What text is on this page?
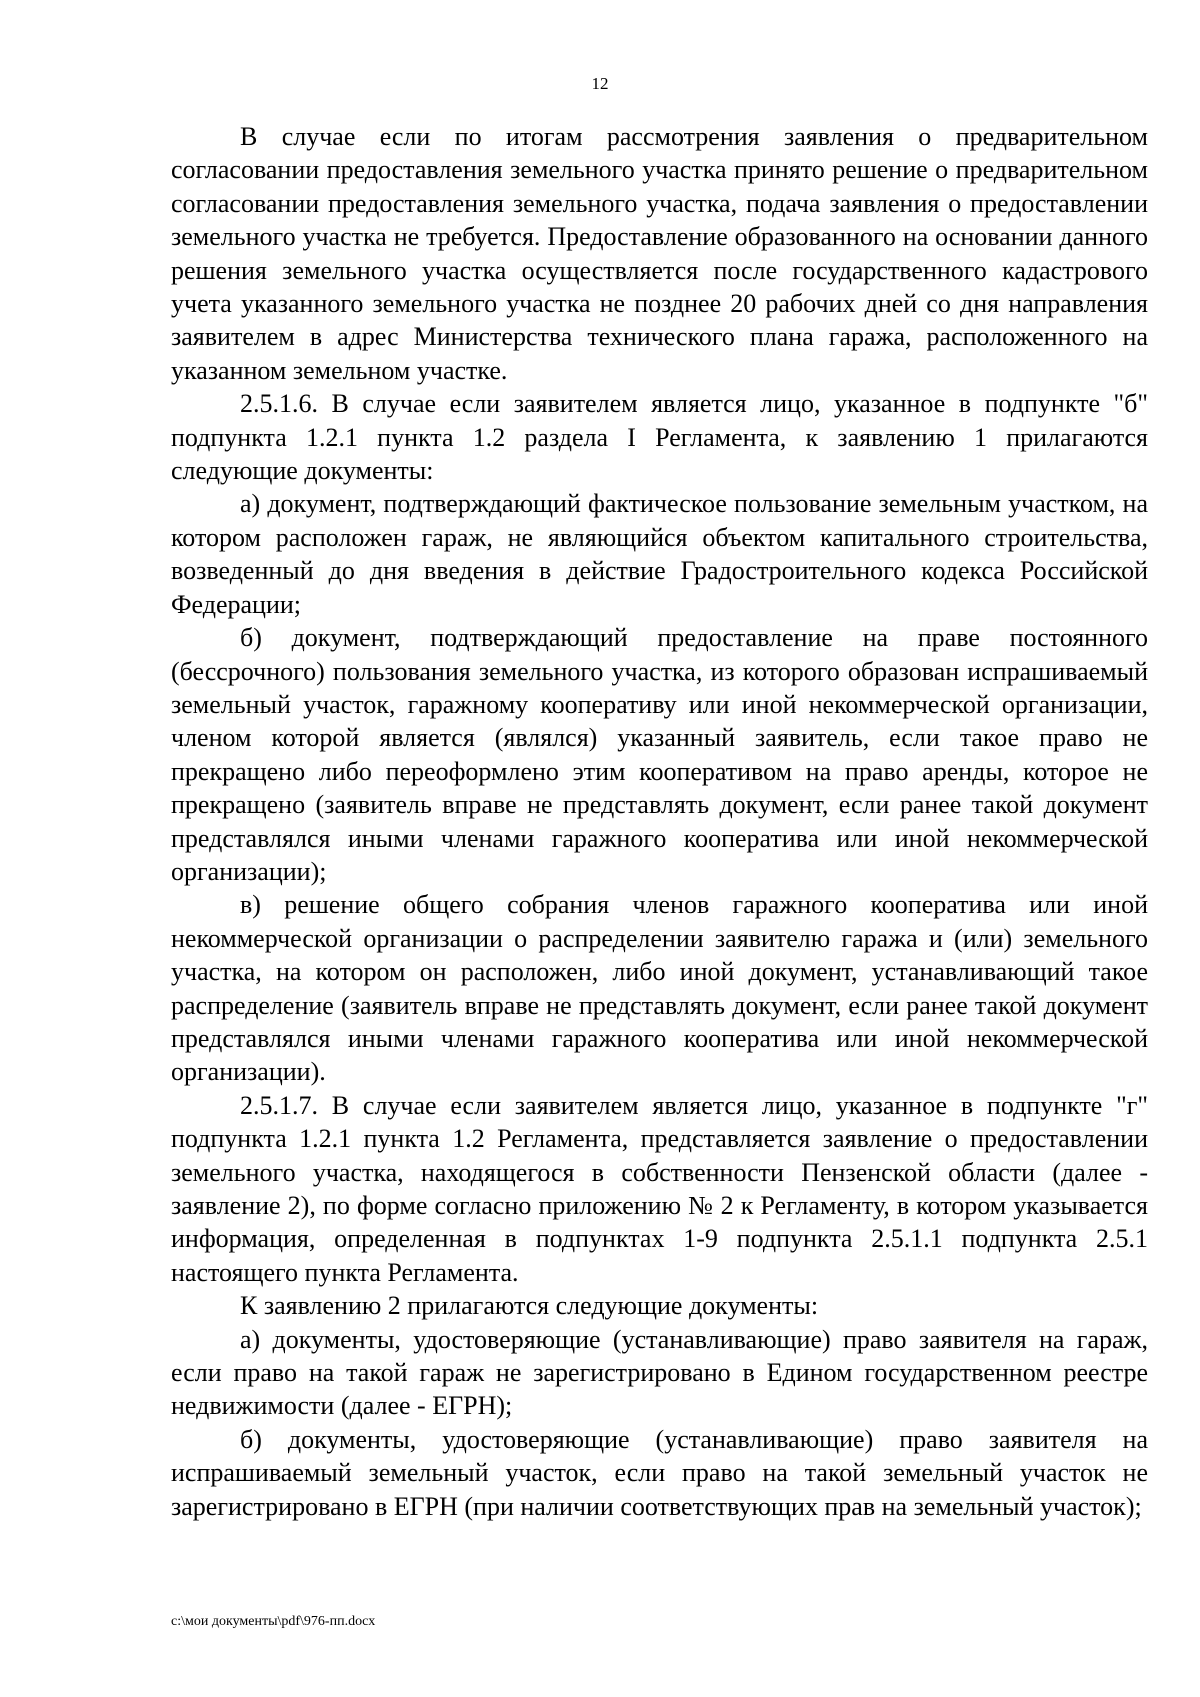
12

В случае если по итогам рассмотрения заявления о предварительном согласовании предоставления земельного участка принято решение о предварительном согласовании предоставления земельного участка, подача заявления о предоставлении земельного участка не требуется. Предоставление образованного на основании данного решения земельного участка осуществляется после государственного кадастрового учета указанного земельного участка не позднее 20 рабочих дней со дня направления заявителем в адрес Министерства технического плана гаража, расположенного на указанном земельном участке.

2.5.1.6. В случае если заявителем является лицо, указанное в подпункте "б" подпункта 1.2.1 пункта 1.2 раздела I Регламента, к заявлению 1 прилагаются следующие документы:

а) документ, подтверждающий фактическое пользование земельным участком, на котором расположен гараж, не являющийся объектом капитального строительства, возведенный до дня введения в действие Градостроительного кодекса Российской Федерации;

б) документ, подтверждающий предоставление на праве постоянного (бессрочного) пользования земельного участка, из которого образован испрашиваемый земельный участок, гаражному кооперативу или иной некоммерческой организации, членом которой является (являлся) указанный заявитель, если такое право не прекращено либо переоформлено этим кооперативом на право аренды, которое не прекращено (заявитель вправе не представлять документ, если ранее такой документ представлялся иными членами гаражного кооператива или иной некоммерческой организации);

в) решение общего собрания членов гаражного кооператива или иной некоммерческой организации о распределении заявителю гаража и (или) земельного участка, на котором он расположен, либо иной документ, устанавливающий такое распределение (заявитель вправе не представлять документ, если ранее такой документ представлялся иными членами гаражного кооператива или иной некоммерческой организации).

2.5.1.7. В случае если заявителем является лицо, указанное в подпункте "г" подпункта 1.2.1 пункта 1.2 Регламента, представляется заявление о предоставлении земельного участка, находящегося в собственности Пензенской области (далее - заявление 2), по форме согласно приложению № 2 к Регламенту, в котором указывается информация, определенная в подпунктах 1-9 подпункта 2.5.1.1 подпункта 2.5.1 настоящего пункта Регламента.

К заявлению 2 прилагаются следующие документы:

а) документы, удостоверяющие (устанавливающие) право заявителя на гараж, если право на такой гараж не зарегистрировано в Едином государственном реестре недвижимости (далее - ЕГРН);

б) документы, удостоверяющие (устанавливающие) право заявителя на испрашиваемый земельный участок, если право на такой земельный участок не зарегистрировано в ЕГРН (при наличии соответствующих прав на земельный участок);

c:\мои документы\pdf\976-пп.docx
